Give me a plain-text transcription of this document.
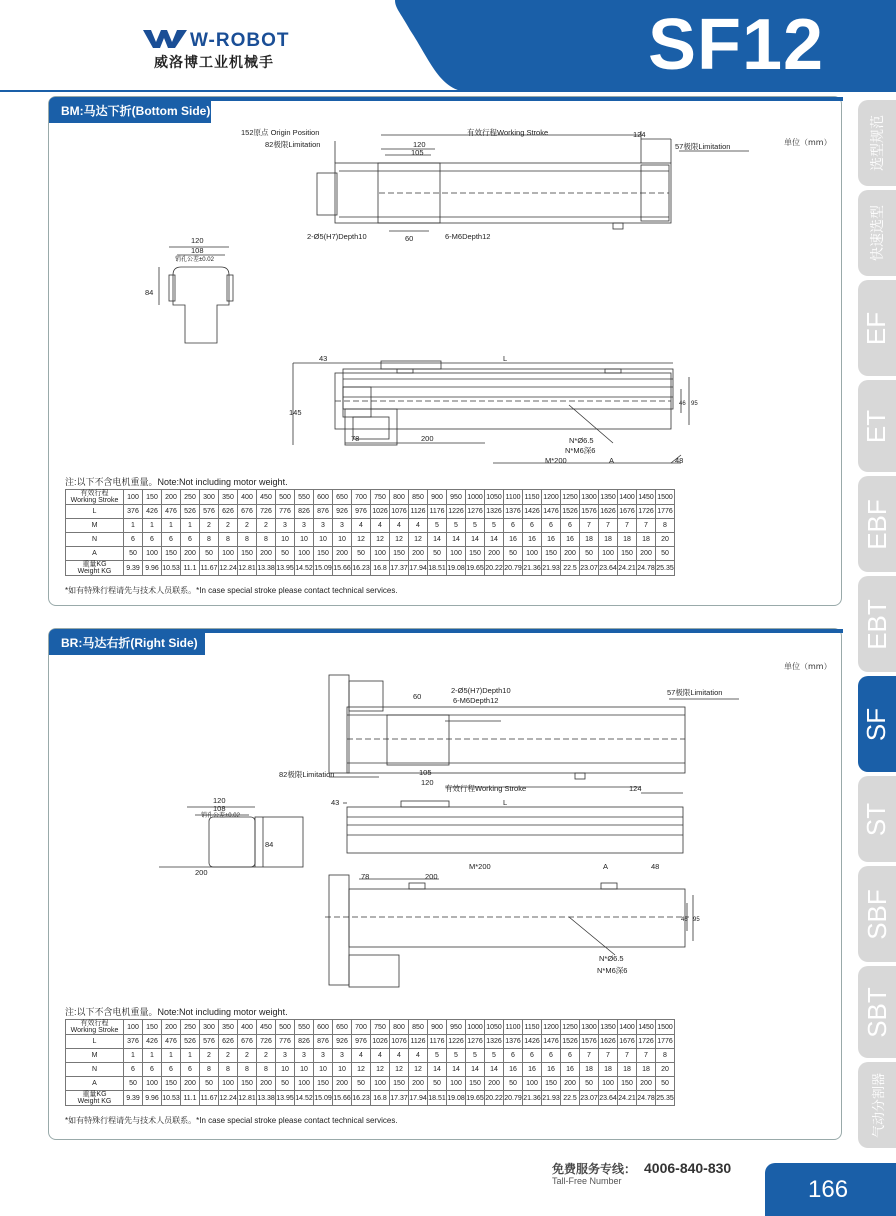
W-ROBOT
威洛博工业机械手	SF12
选型规范
快速选型
EF
ET
EBF
EBT
SF
ST
SBF
SBT
气动分割器
BM:马达下折(Bottom Side)
单位（mm）
152原点 Origin Position	有效行程Working Stroke
82极限Limitation
124
120
105
57极限Limitation
2-Ø5(H7)Depth10	60	6-M6Depth12
120
108
销孔公差±0.02
84
43	L
145
78	200	N*Ø6.5
N*M6深6
M*200	A	48
46 95
注:以下不含电机重量。Note:Not including motor weight.
有效行程
Working Stroke	100	150	200	250	300	350	400	450	500	550	600	650	700	750	800	850	900	950	1000	1050	1100	1150	1200	1250	1300	1350	1400	1450	1500

L	376	426	476	526	576	626	676	726	776	826	876	926	976	1026	1076	1126	1176	1226	1276	1326	1376	1426	1476	1526	1576	1626	1676	1726	1776

M	1	1	1	1	2	2	2	2	3	3	3	3	4	4	4	4	5	5	5	5	6	6	6	6	7	7	7	7	8

N	6	6	6	6	8	8	8	8	10	10	10	10	12	12	12	12	14	14	14	14	16	16	16	16	18	18	18	18	20

A	50	100	150	200	50	100	150	200	50	100	150	200	50	100	150	200	50	100	150	200	50	100	150	200	50	100	150	200	50

重量KG
Weight KG	9.39	9.96	10.53	11.1	11.67	12.24	12.81	13.38	13.95	14.52	15.09	15.66	16.23	16.8	17.37	17.94	18.51	19.08	19.65	20.22	20.79	21.36	21.93	22.5	23.07	23.64	24.21	24.78	25.35
*如有特殊行程请先与技术人员联系。*In case special stroke please contact technical services.
BR:马达右折(Right Side)
单位（mm）
2-Ø5(H7)Depth10
6-M6Depth12
60	57极限Limitation
82极限Limitation
有效行程Working Stroke
105
120
124
120
108
销孔公差±0.02
84
200
43	L
M*200	A	48
78	200
46 95
N*Ø6.5
N*M6深6
注:以下不含电机重量。Note:Not including motor weight.
有效行程
Working Stroke	100	150	200	250	300	350	400	450	500	550	600	650	700	750	800	850	900	950	1000	1050	1100	1150	1200	1250	1300	1350	1400	1450	1500

L	376	426	476	526	576	626	676	726	776	826	876	926	976	1026	1076	1126	1176	1226	1276	1326	1376	1426	1476	1526	1576	1626	1676	1726	1776

M	1	1	1	1	2	2	2	2	3	3	3	3	4	4	4	4	5	5	5	5	6	6	6	6	7	7	7	7	8

N	6	6	6	6	8	8	8	8	10	10	10	10	12	12	12	12	14	14	14	14	16	16	16	16	18	18	18	18	20

A	50	100	150	200	50	100	150	200	50	100	150	200	50	100	150	200	50	100	150	200	50	100	150	200	50	100	150	200	50

重量KG
Weight KG	9.39	9.96	10.53	11.1	11.67	12.24	12.81	13.38	13.95	14.52	15.09	15.66	16.23	16.8	17.37	17.94	18.51	19.08	19.65	20.22	20.79	21.36	21.93	22.5	23.07	23.64	24.21	24.78	25.35
*如有特殊行程请先与技术人员联系。*In case special stroke please contact technical services.
免费服务专线： 4006-840-830
Tall-Free Number	166
